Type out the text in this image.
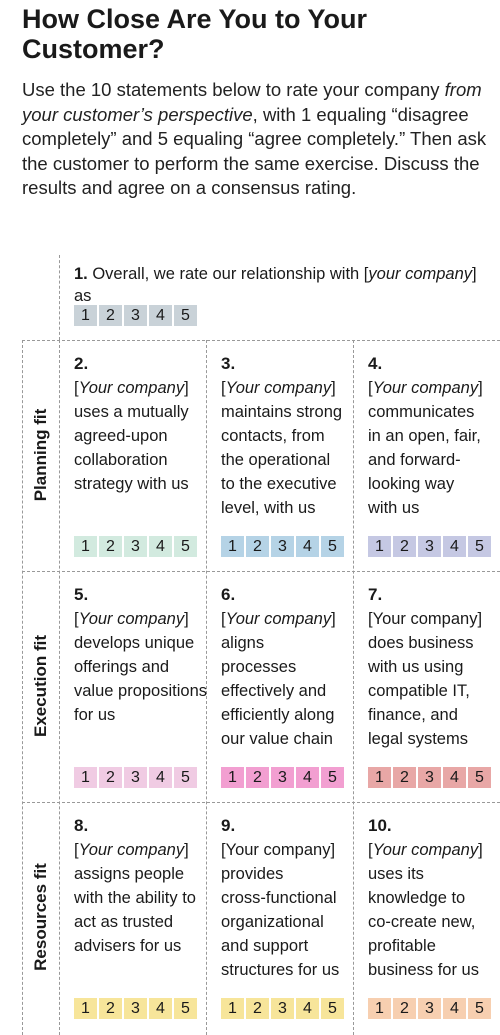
How Close Are You to Your Customer?
Use the 10 statements below to rate your company from your customer’s perspective, with 1 equaling “disagree completely” and 5 equaling “agree completely.” Then ask the customer to perform the same exercise. Discuss the results and agree on a consensus rating.
1. Overall, we rate our relationship with [your company] as
1	2	3	4	5
Planning fit
Execution fit
Resources fit
2.
[Your company]
uses a mutually
agreed-upon
collaboration
strategy with us
1	2	3	4	5
3.
[Your company]
maintains strong
contacts, from
the operational
to the executive
level, with us
1	2	3	4	5
4.
[Your company]
communicates
in an open, fair,
and forward-
looking way
with us
1	2	3	4	5
5.
[Your company]
develops unique
offerings and
value propositions
for us
1	2	3	4	5
6.
[Your company]
aligns
processes
effectively and
efficiently along
our value chain
1	2	3	4	5
7.
[Your company]
does business
with us using
compatible IT,
finance, and
legal systems
1	2	3	4	5
8.
[Your company]
assigns people
with the ability to
act as trusted
advisers for us
1	2	3	4	5
9.
[Your company]
provides
cross-functional
organizational
and support
structures for us
1	2	3	4	5
10.
[Your company]
uses its
knowledge to
co-create new,
profitable
business for us
1	2	3	4	5
